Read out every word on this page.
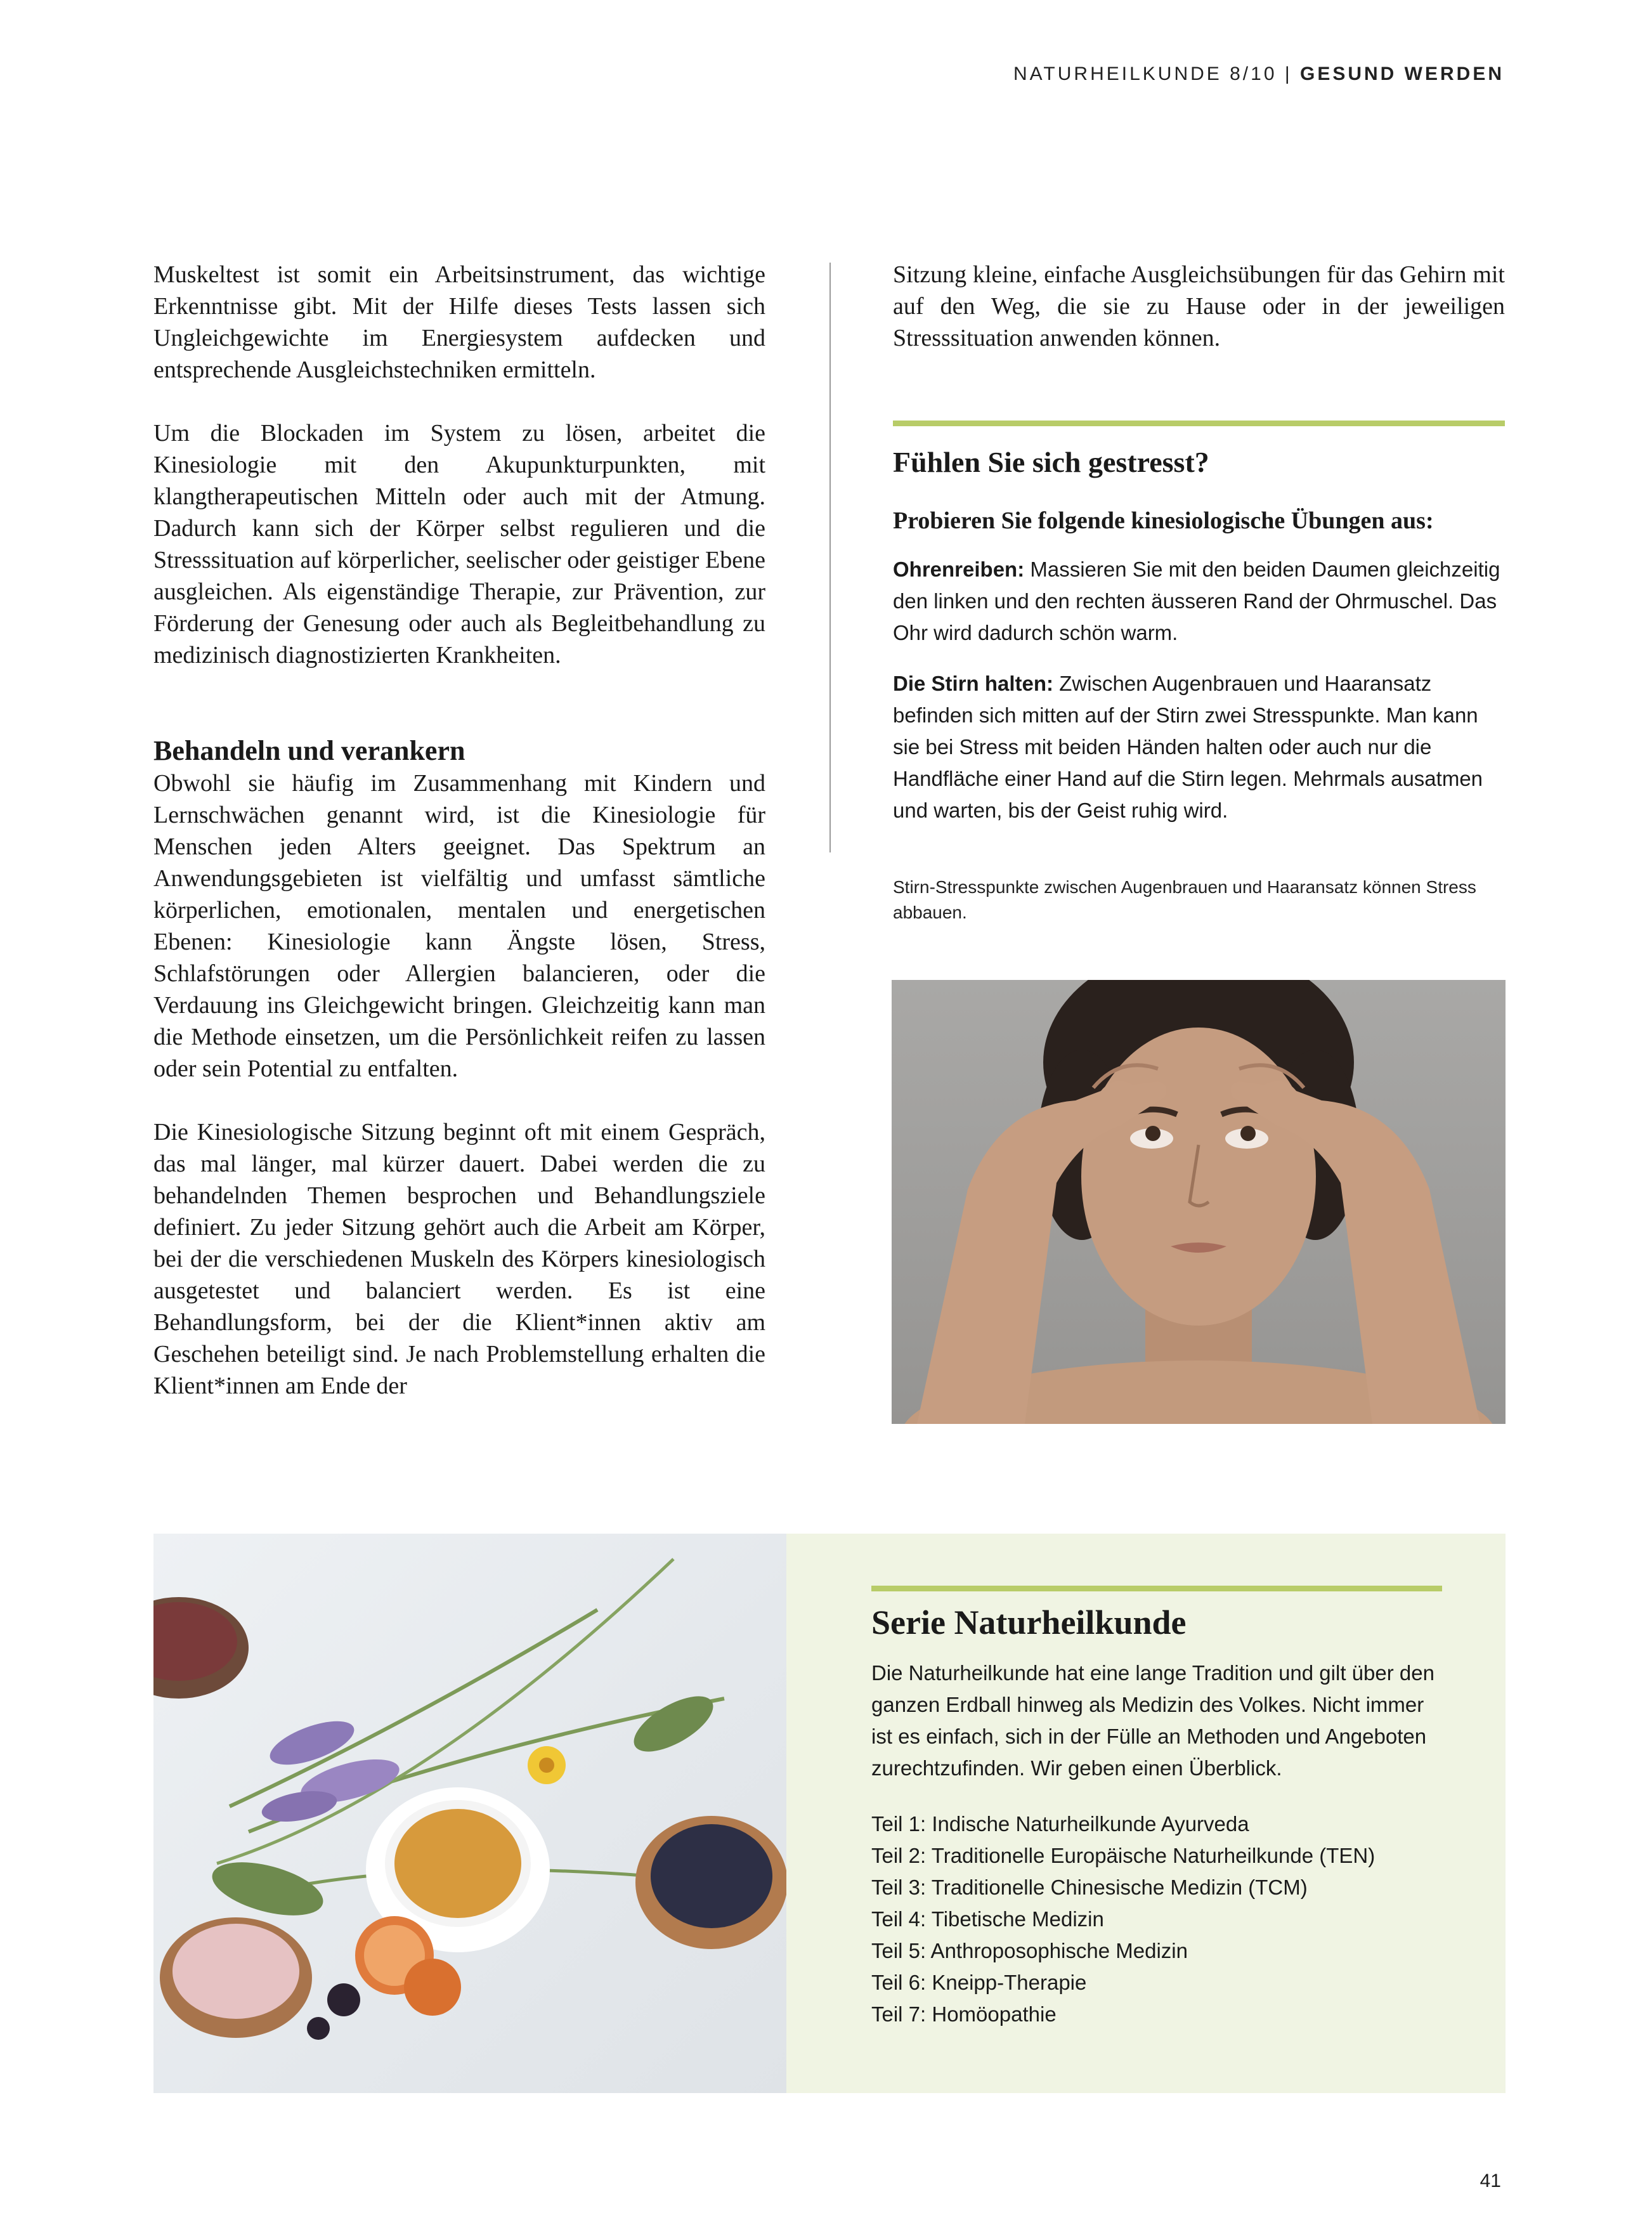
NATURHEILKUNDE 8/10 | GESUND WERDEN

Muskeltest ist somit ein Arbeitsinstrument, das wichtige Erkenntnisse gibt. Mit der Hilfe dieses Tests lassen sich Ungleichgewichte im Energiesystem aufdecken und entsprechende Ausgleichstechniken ermitteln.

Um die Blockaden im System zu lösen, arbeitet die Kinesiologie mit den Akupunkturpunkten, mit klangtherapeutischen Mitteln oder auch mit der Atmung. Dadurch kann sich der Körper selbst regulieren und die Stresssituation auf körperlicher, seelischer oder geistiger Ebene ausgleichen. Als eigenständige Therapie, zur Prävention, zur Förderung der Genesung oder auch als Begleitbehandlung zu medizinisch diagnostizierten Krankheiten.

Behandeln und verankern

Obwohl sie häufig im Zusammenhang mit Kindern und Lernschwächen genannt wird, ist die Kinesiologie für Menschen jeden Alters geeignet. Das Spektrum an Anwendungsgebieten ist vielfältig und umfasst sämtliche körperlichen, emotionalen, mentalen und energetischen Ebenen: Kinesiologie kann Ängste lösen, Stress, Schlafstörungen oder Allergien balancieren, oder die Verdauung ins Gleichgewicht bringen. Gleichzeitig kann man die Methode einsetzen, um die Persönlichkeit reifen zu lassen oder sein Potential zu entfalten.

Die Kinesiologische Sitzung beginnt oft mit einem Gespräch, das mal länger, mal kürzer dauert. Dabei werden die zu behandelnden Themen besprochen und Behandlungsziele definiert. Zu jeder Sitzung gehört auch die Arbeit am Körper, bei der die verschiedenen Muskeln des Körpers kinesiologisch ausgetestet und balanciert werden. Es ist eine Behandlungsform, bei der die Klient*innen aktiv am Geschehen beteiligt sind. Je nach Problemstellung erhalten die Klient*innen am Ende der

Sitzung kleine, einfache Ausgleichsübungen für das Gehirn mit auf den Weg, die sie zu Hause oder in der jeweiligen Stresssituation anwenden können.

Fühlen Sie sich gestresst?
Probieren Sie folgende kinesiologische Übungen aus:

Ohrenreiben: Massieren Sie mit den beiden Daumen gleichzeitig den linken und den rechten äusseren Rand der Ohrmuschel. Das Ohr wird dadurch schön warm.

Die Stirn halten: Zwischen Augenbrauen und Haaransatz befinden sich mitten auf der Stirn zwei Stresspunkte. Man kann sie bei Stress mit beiden Händen halten oder auch nur die Handfläche einer Hand auf die Stirn legen. Mehrmals ausatmen und warten, bis der Geist ruhig wird.

Stirn-Stresspunkte zwischen Augenbrauen und Haaransatz können Stress abbauen.

Serie Naturheilkunde

Die Naturheilkunde hat eine lange Tradition und gilt über den ganzen Erdball hinweg als Medizin des Volkes. Nicht immer ist es einfach, sich in der Fülle an Methoden und Angeboten zurechtzufinden. Wir geben einen Überblick.

Teil 1: Indische Naturheilkunde Ayurveda
Teil 2: Traditionelle Europäische Naturheilkunde (TEN)
Teil 3: Traditionelle Chinesische Medizin (TCM)
Teil 4: Tibetische Medizin
Teil 5: Anthroposophische Medizin
Teil 6: Kneipp-Therapie
Teil 7: Homöopathie
41
